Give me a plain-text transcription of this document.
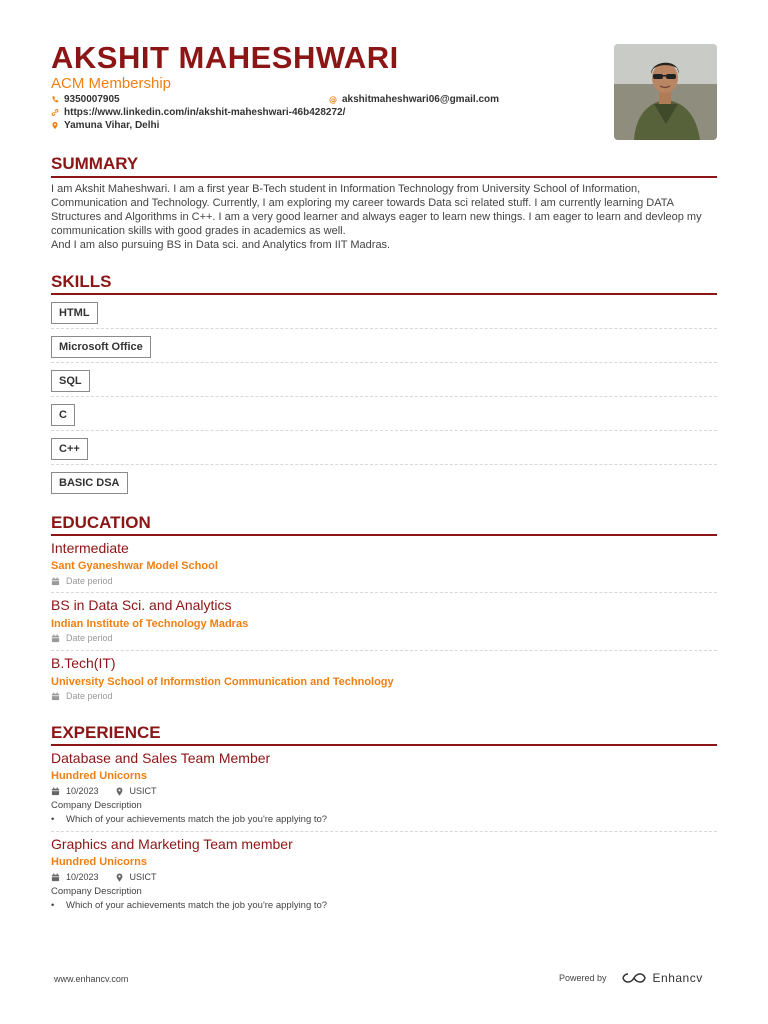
AKSHIT MAHESHWARI
ACM Membership
9350007905	@ akshitmaheshwari06@gmail.com
https://www.linkedin.com/in/akshit-maheshwari-46b428272/
Yamuna Vihar, Delhi
SUMMARY

I am Akshit Maheshwari. I am a first year B-Tech student in Information Technology from University School of Information, Communication and Technology. Currently, I am exploring my career towards Data sci related stuff. I am currently learning DATA Structures and Algorithms in C++. I am a very good learner and always eager to learn new things. I am eager to learn and devleop my communication skills with good grades in academics as well.

And I am also pursuing BS in Data sci. and Analytics from IIT Madras.

SKILLS
HTML
Microsoft Office
SQL
C
C++
BASIC DSA
EDUCATION
Intermediate
Sant Gyaneshwar Model School
Date period
BS in Data Sci. and Analytics
Indian Institute of Technology Madras
Date period
B.Tech(IT)
University School of Informstion Communication and Technology
Date period
EXPERIENCE
Database and Sales Team Member
Hundred Unicorns
10/2023	USICT
Company Description
• Which of your achievements match the job you're applying to?
Graphics and Marketing Team member
Hundred Unicorns
10/2023	USICT
Company Description
• Which of your achievements match the job you're applying to?
www.enhancv.com	Powered by	Enhancv
